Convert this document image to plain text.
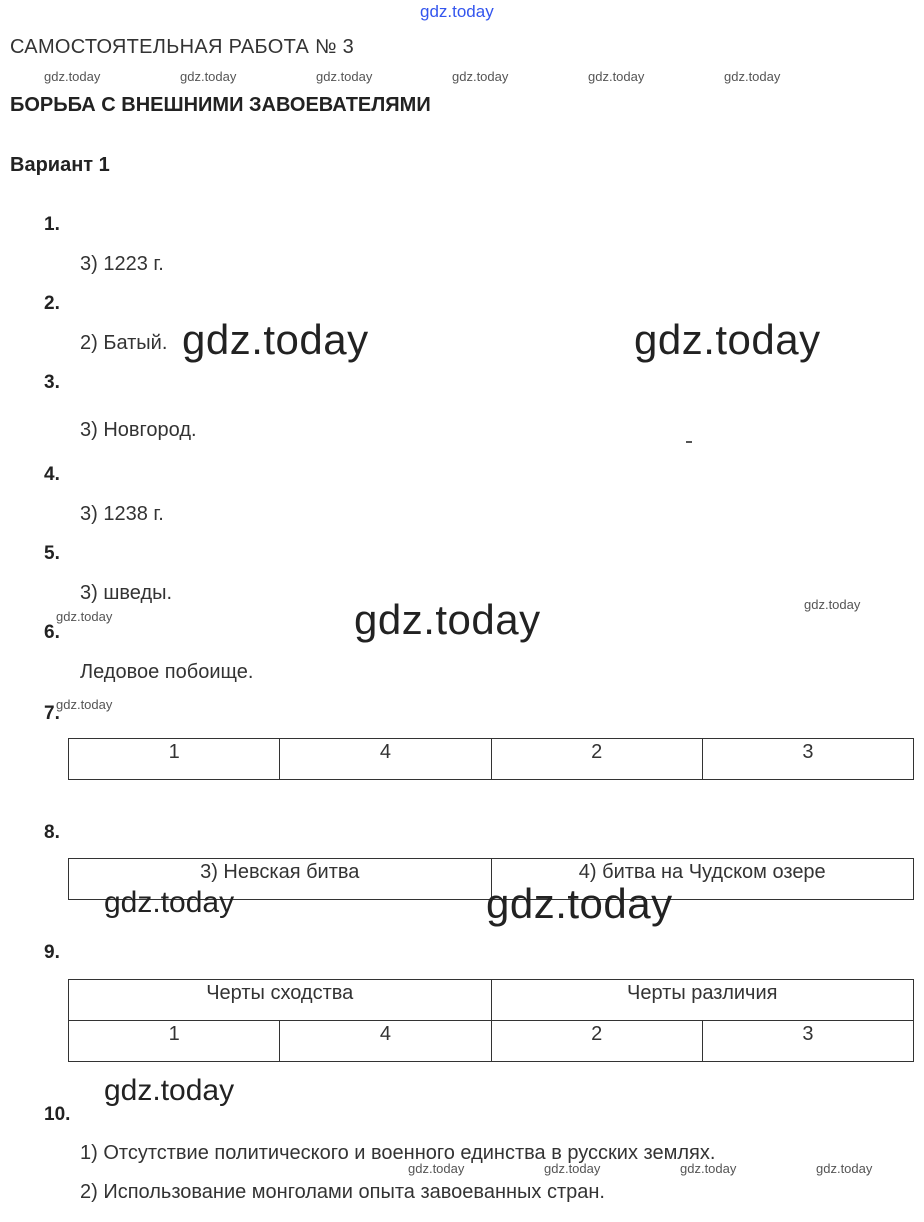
gdz.today
САМОСТОЯТЕЛЬНАЯ РАБОТА № 3
gdz.today	gdz.today	gdz.today	gdz.today	gdz.today	gdz.today
БОРЬБА С ВНЕШНИМИ ЗАВОЕВАТЕЛЯМИ
Вариант 1
1.
3) 1223 г.
2.
2) Батый.
3.
3) Новгород.
4.
3) 1238 г.
5.
3) шведы.
6.
Ледовое побоище.
7.
1	4	2	3
8.
3) Невская битва	4) битва на Чудском озере
9.
Черты сходства		Черты различия	
1	4	2	3
10.
1) Отсутствие политического и военного единства в русских землях.
2) Использование монголами опыта завоеванных стран.
gdz.today	gdz.today
gdz.today
gdz.today	gdz.today
gdz.today
gdz.today
gdz.today
gdz.today
gdz.today	gdz.today	gdz.today	gdz.today
